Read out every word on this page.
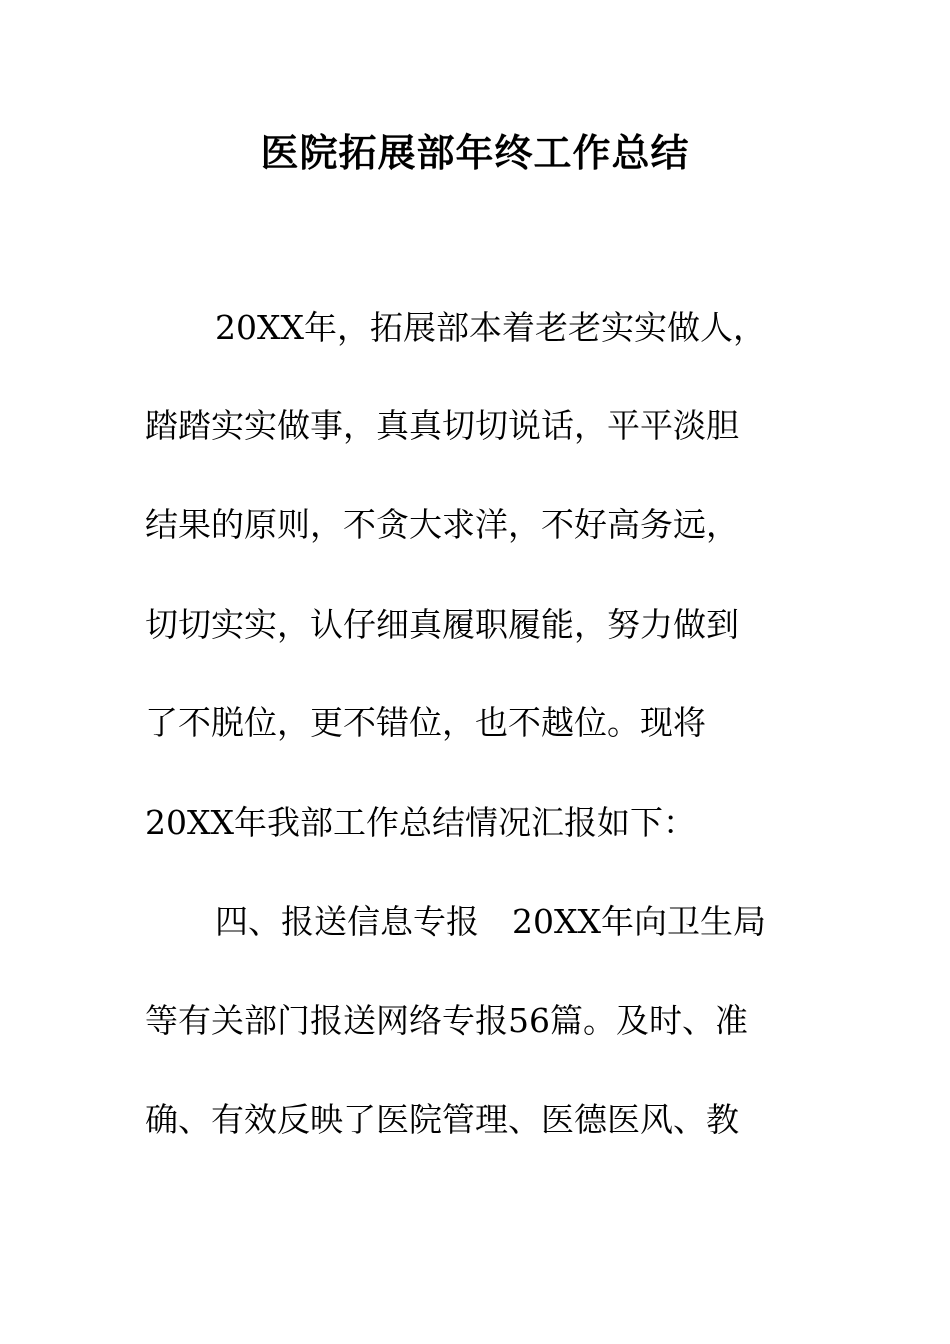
医院拓展部年终工作总结
20XX年，拓展部本着老老实实做人，
踏踏实实做事，真真切切说话，平平淡胆
结果的原则，不贪大求洋，不好高务远，
切切实实，认仔细真履职履能，努力做到
了不脱位，更不错位，也不越位。现将
20XX年我部工作总结情况汇报如下：
四、报送信息专报　20XX年向卫生局
等有关部门报送网络专报56篇。及时、准
确、有效反映了医院管理、医德医风、教
